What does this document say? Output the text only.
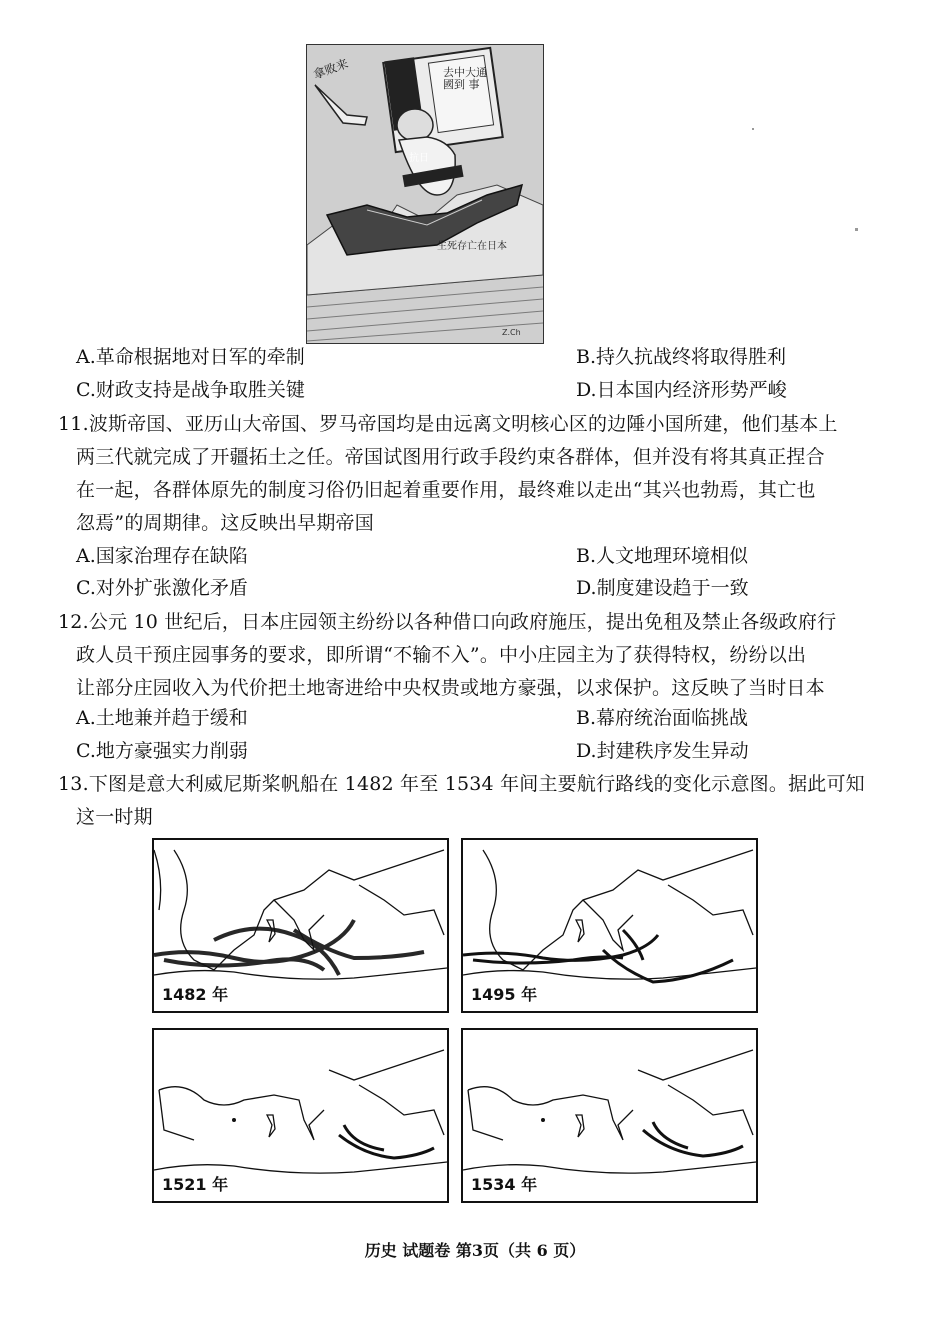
Z.Ch
拿败来	去中大通 國到 事
抗日
生死存亡在日本
A.革命根据地对日军的牵制	B.持久抗战终将取得胜利
C.财政支持是战争取胜关键	D.日本国内经济形势严峻
11.波斯帝国、亚历山大帝国、罗马帝国均是由远离文明核心区的边陲小国所建，他们基本上
两三代就完成了开疆拓土之任。帝国试图用行政手段约束各群体，但并没有将其真正捏合
在一起，各群体原先的制度习俗仍旧起着重要作用，最终难以走出“其兴也勃焉，其亡也
忽焉”的周期律。这反映出早期帝国
A.国家治理存在缺陷	B.人文地理环境相似
C.对外扩张激化矛盾	D.制度建设趋于一致
12.公元 10 世纪后，日本庄园领主纷纷以各种借口向政府施压，提出免租及禁止各级政府行
政人员干预庄园事务的要求，即所谓“不输不入”。中小庄园主为了获得特权，纷纷以出
让部分庄园收入为代价把土地寄进给中央权贵或地方豪强，以求保护。这反映了当时日本
A.土地兼并趋于缓和	B.幕府统治面临挑战
C.地方豪强实力削弱	D.封建秩序发生异动
13.下图是意大利威尼斯桨帆船在 1482 年至 1534 年间主要航行路线的变化示意图。据此可知
这一时期
1482 年	1495 年
1521 年	1534 年
历史 试题卷 第3页（共 6 页）
